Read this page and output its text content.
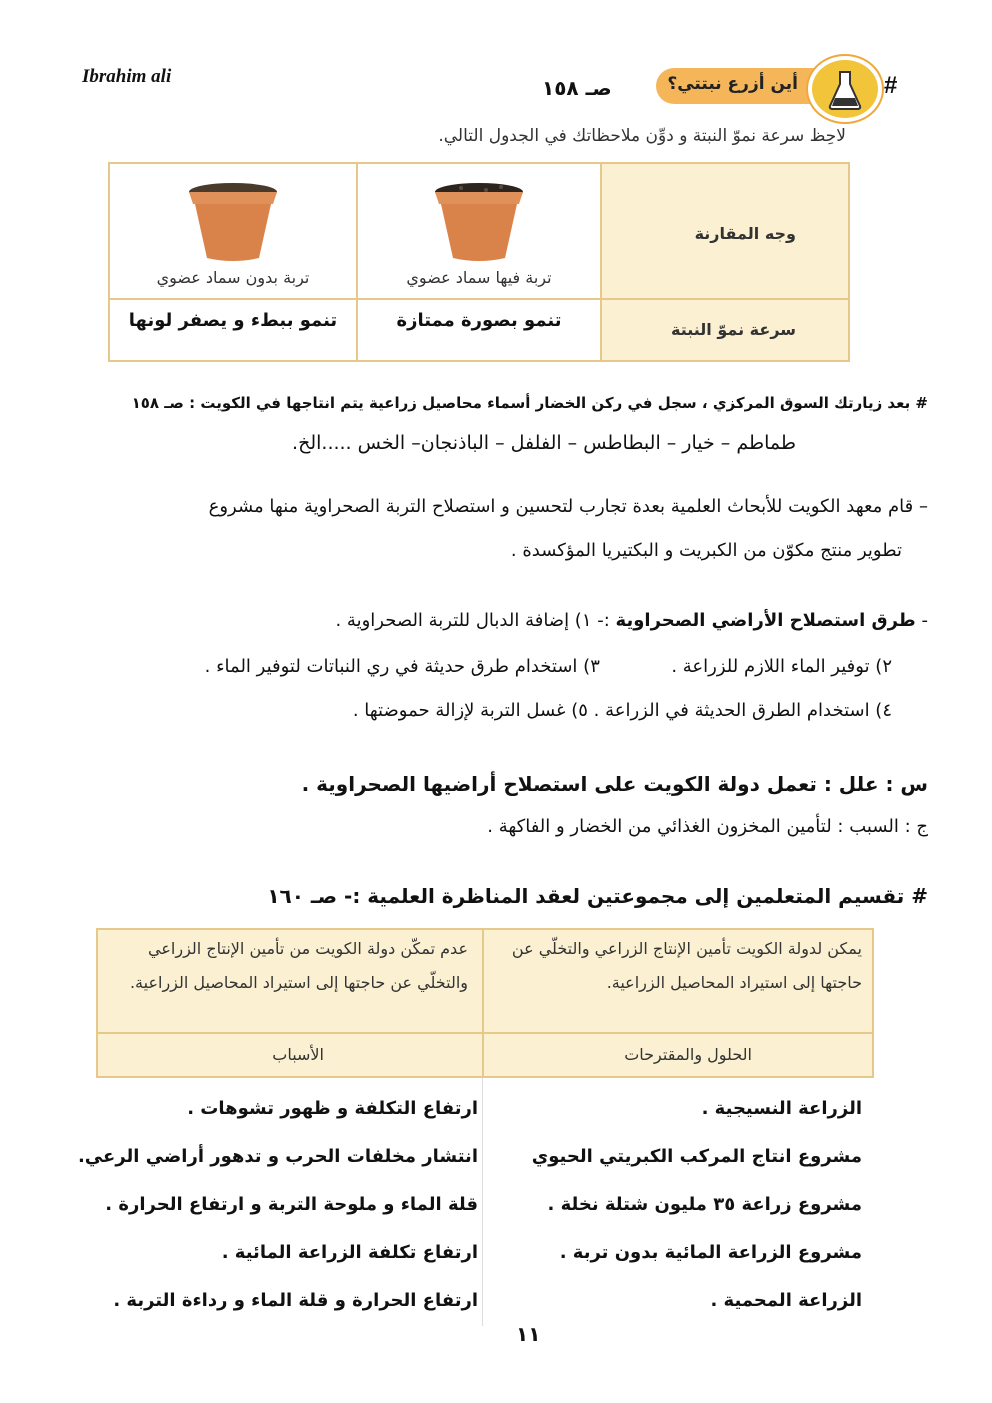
Ibrahim ali	أين أزرع نبتتي؟	#
صـ ١٥٨
لاحِظ سرعة نموّ النبتة و دوِّن ملاحظاتك في الجدول التالي.
وجه المقارنة
سرعة نموّ النبتة
تربة فيها سماد عضوي
تربة بدون سماد عضوي
تنمو بصورة ممتازة
تنمو ببطء و يصفر لونها
# بعد زيارتك السوق المركزي ، سجل في ركن الخضار أسماء محاصيل زراعية يتم انتاجها في الكويت : صـ ١٥٨
طماطم – خيار – البطاطس – الفلفل – الباذنجان– الخس .....الخ.
– قام معهد الكويت للأبحاث العلمية بعدة تجارب لتحسين و استصلاح التربة الصحراوية منها مشروع
تطوير منتج مكوّن من الكبريت و البكتيريا المؤكسدة .
- طرق استصلاح الأراضي الصحراوية :- ١) إضافة الدبال للتربة الصحراوية .
٢) توفير الماء اللازم للزراعة .  ٣) استخدام طرق حديثة في ري النباتات لتوفير الماء .
٤) استخدام الطرق الحديثة في الزراعة . ٥) غسل التربة لإزالة حموضتها .
س : علل : تعمل دولة الكويت على استصلاح أراضيها الصحراوية .
ج : السبب : لتأمين المخزون الغذائي من الخضار و الفاكهة .
# تقسيم المتعلمين إلى مجموعتين لعقد المناظرة العلمية :- صـ ١٦٠
يمكن لدولة الكويت تأمين الإنتاج الزراعي والتخلّي عن حاجتها إلى استيراد المحاصيل الزراعية.
عدم تمكّن دولة الكويت من تأمين الإنتاج الزراعي والتخلّي عن حاجتها إلى استيراد المحاصيل الزراعية.
الحلول والمقترحات
الأسباب
الزراعة النسيجية .
ارتفاع التكلفة و ظهور تشوهات .
مشروع انتاج المركب الكبريتي الحيوي
انتشار مخلفات الحرب و تدهور أراضي الرعي.
مشروع زراعة ٣٥ مليون شتلة نخلة .
قلة الماء و ملوحة التربة و ارتفاع الحرارة .
مشروع الزراعة المائية بدون تربة .
ارتفاع تكلفة الزراعة المائية .
الزراعة المحمية .
ارتفاع الحرارة و قلة الماء و رداءة التربة .
١١
